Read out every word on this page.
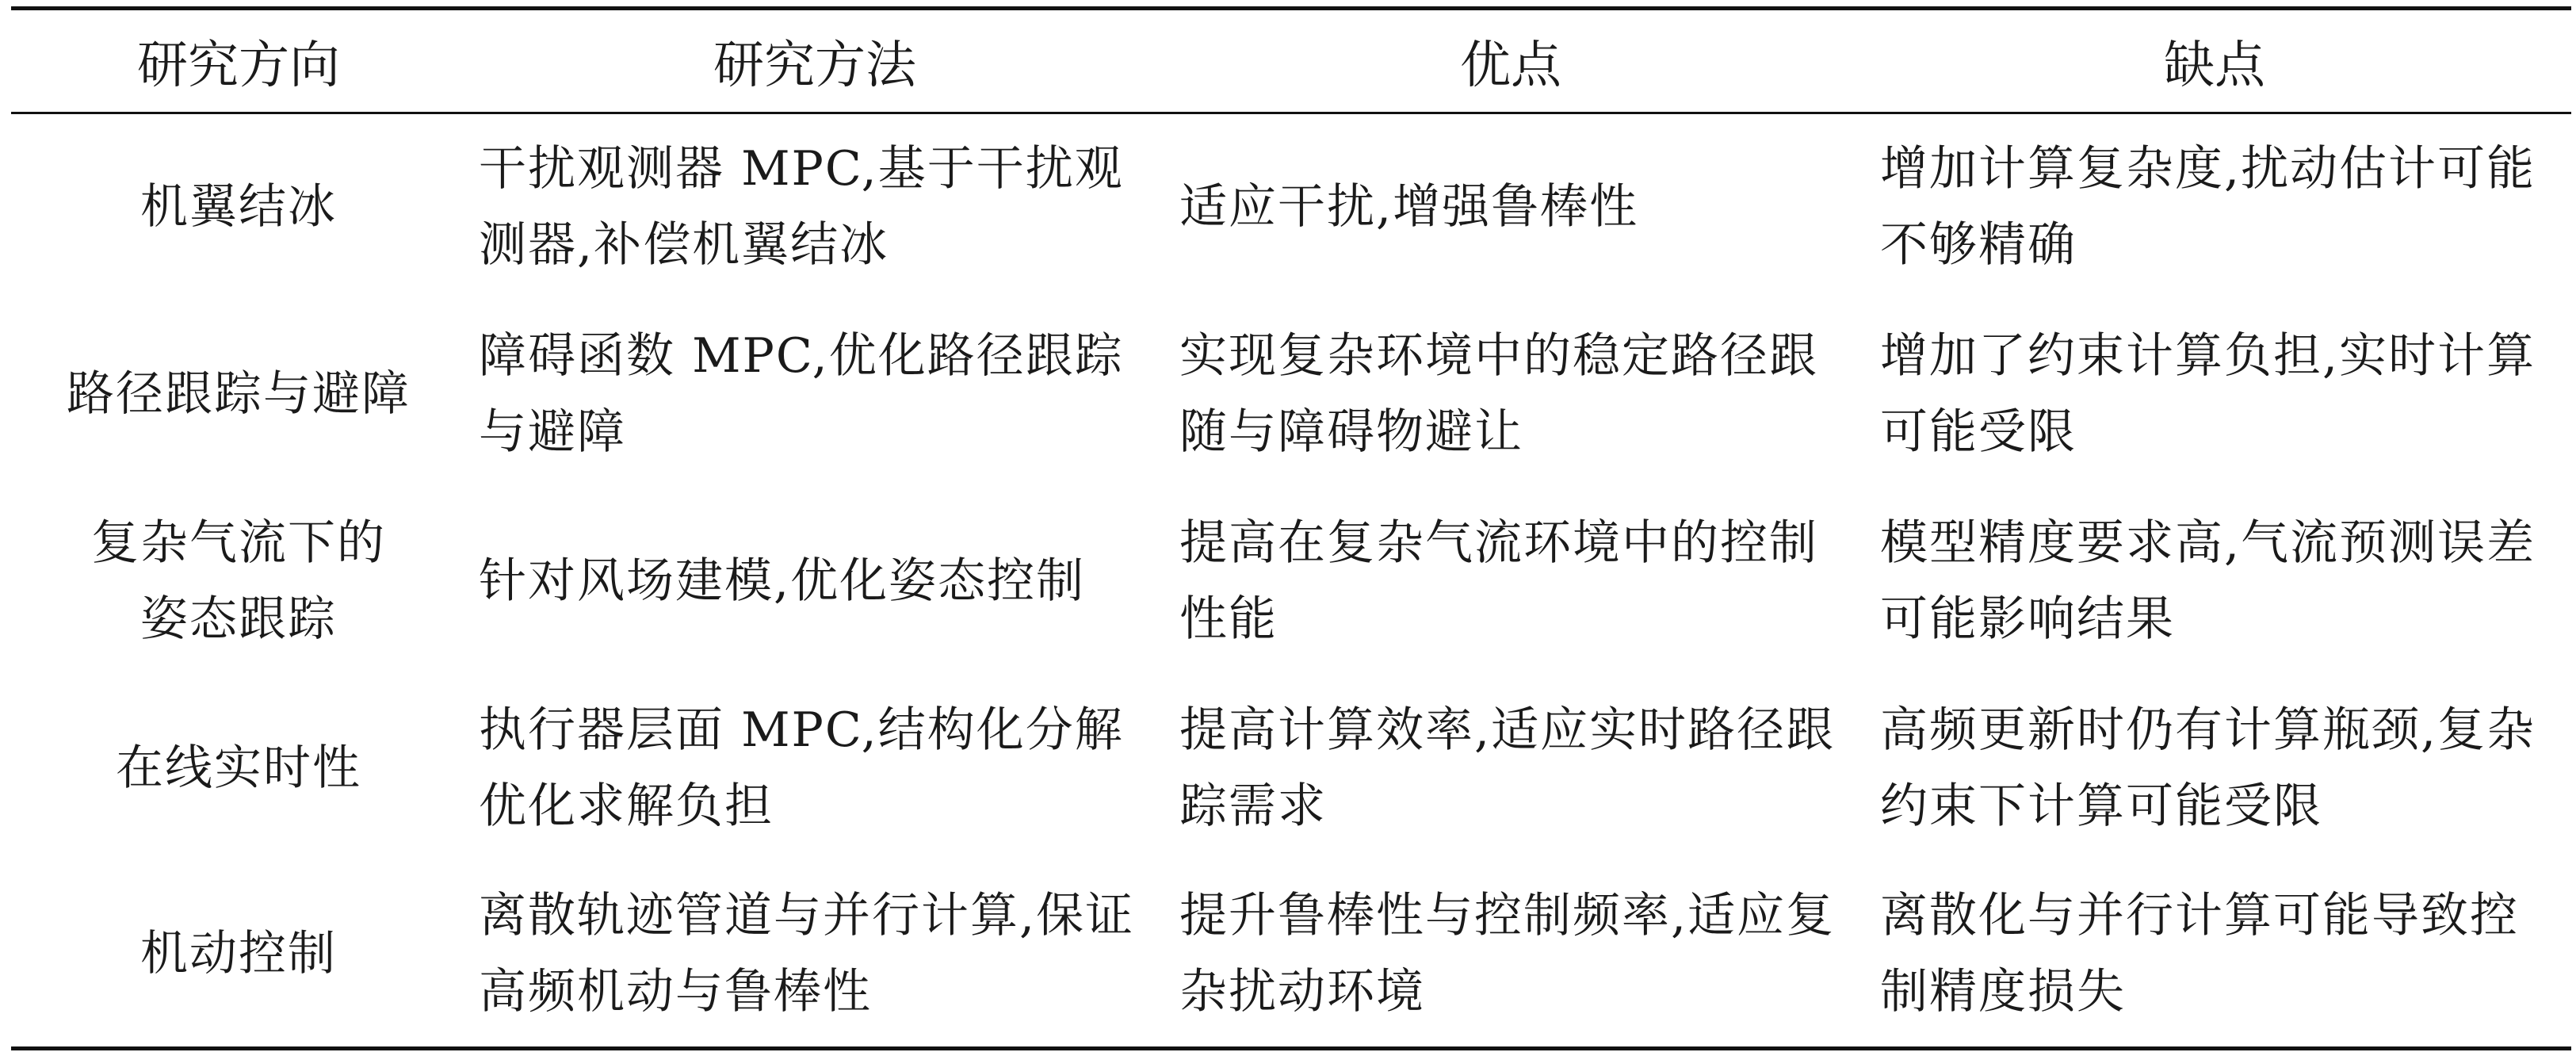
研究方向	研究方法	优点	缺点
机翼结冰	干扰观测器 MPC,基于干扰观测器,补偿机翼结冰	适应干扰,增强鲁棒性	增加计算复杂度,扰动估计可能不够精确
路径跟踪与避障	障碍函数 MPC,优化路径跟踪与避障	实现复杂环境中的稳定路径跟随与障碍物避让	增加了约束计算负担,实时计算可能受限
复杂气流下的姿态跟踪	针对风场建模,优化姿态控制	提高在复杂气流环境中的控制性能	模型精度要求高,气流预测误差可能影响结果
在线实时性	执行器层面 MPC,结构化分解优化求解负担	提高计算效率,适应实时路径跟踪需求	高频更新时仍有计算瓶颈,复杂约束下计算可能受限
机动控制	离散轨迹管道与并行计算,保证高频机动与鲁棒性	提升鲁棒性与控制频率,适应复杂扰动环境	离散化与并行计算可能导致控制精度损失
